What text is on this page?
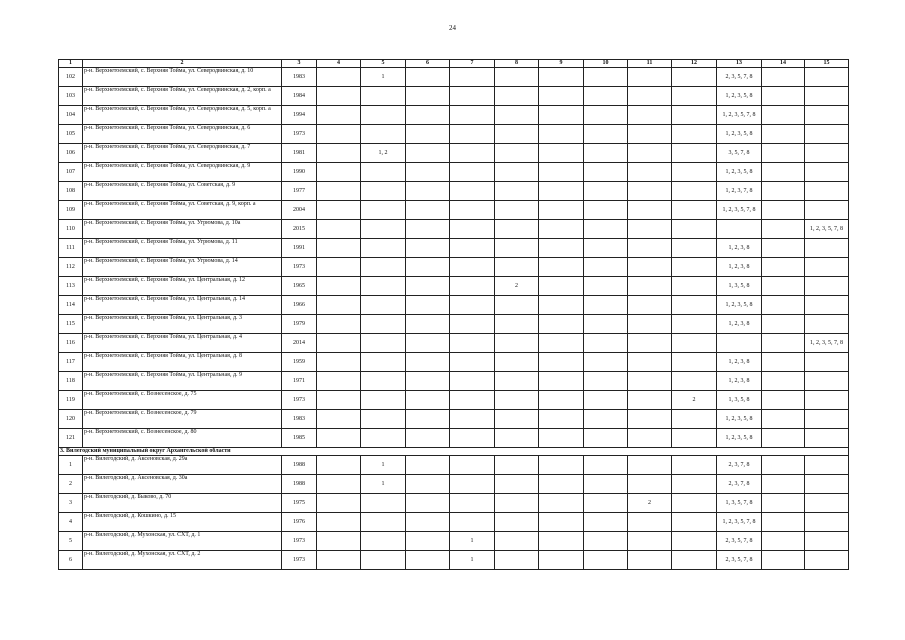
24
1	2	3	4	5	6	7	8	9	10	11	12	13	14	15
102	р-н. Верхнетоемский, с. Верхняя Тойма, ул. Северодвинская, д. 10	1983		1								2, 3, 5, 7, 8		
103	р-н. Верхнетоемский, с. Верхняя Тойма, ул. Северодвинская, д. 2, корп. а	1984										1, 2, 3, 5, 8		
104	р-н. Верхнетоемский, с. Верхняя Тойма, ул. Северодвинская, д. 5, корп. а	1994										1, 2, 3, 5, 7, 8		
105	р-н. Верхнетоемский, с. Верхняя Тойма, ул. Северодвинская, д. 6	1973										1, 2, 3, 5, 8		
106	р-н. Верхнетоемский, с. Верхняя Тойма, ул. Северодвинская, д. 7	1981		1, 2								3, 5, 7, 8		
107	р-н. Верхнетоемский, с. Верхняя Тойма, ул. Северодвинская, д. 9	1990										1, 2, 3, 5, 8		
108	р-н. Верхнетоемский, с. Верхняя Тойма, ул. Советская, д. 9	1977										1, 2, 3, 7, 8		
109	р-н. Верхнетоемский, с. Верхняя Тойма, ул. Советская, д. 9, корп. а	2004										1, 2, 3, 5, 7, 8		
110	р-н. Верхнетоемский, с. Верхняя Тойма, ул. Угрюмова, д. 10а	2015												1, 2, 3, 5, 7, 8
111	р-н. Верхнетоемский, с. Верхняя Тойма, ул. Угрюмова, д. 11	1991										1, 2, 3, 8		
112	р-н. Верхнетоемский, с. Верхняя Тойма, ул. Угрюмова, д. 14	1973										1, 2, 3, 8		
113	р-н. Верхнетоемский, с. Верхняя Тойма, ул. Центральная, д. 12	1965					2					1, 3, 5, 8		
114	р-н. Верхнетоемский, с. Верхняя Тойма, ул. Центральная, д. 14	1966										1, 2, 3, 5, 8		
115	р-н. Верхнетоемский, с. Верхняя Тойма, ул. Центральная, д. 3	1979										1, 2, 3, 8		
116	р-н. Верхнетоемский, с. Верхняя Тойма, ул. Центральная, д. 4	2014												1, 2, 3, 5, 7, 8
117	р-н. Верхнетоемский, с. Верхняя Тойма, ул. Центральная, д. 8	1959										1, 2, 3, 8		
118	р-н. Верхнетоемский, с. Верхняя Тойма, ул. Центральная, д. 9	1971										1, 2, 3, 8		
119	р-н. Верхнетоемский, с. Вознесенское, д. 75	1973									2	1, 3, 5, 8		
120	р-н. Верхнетоемский, с. Вознесенское, д. 79	1983										1, 2, 3, 5, 8		
121	р-н. Верхнетоемский, с. Вознесенское, д. 80	1985										1, 2, 3, 5, 8		
3. Вилегодский муниципальный округ Архангельской области														
1	р-н. Вилегодский, д. Аксеновская, д. 29а	1988		1								2, 3, 7, 8		
2	р-н. Вилегодский, д. Аксеновская, д. 30а	1988		1								2, 3, 7, 8		
3	р-н. Вилегодский, д. Быково, д. 70	1975								2		1, 3, 5, 7, 8		
4	р-н. Вилегодский, д. Кошкино, д. 15	1976										1, 2, 3, 5, 7, 8		
5	р-н. Вилегодский, д. Мухонская, ул. СХТ, д. 1	1973				1						2, 3, 5, 7, 8		
6	р-н. Вилегодский, д. Мухонская, ул. СХТ, д. 2	1973				1						2, 3, 5, 7, 8		
